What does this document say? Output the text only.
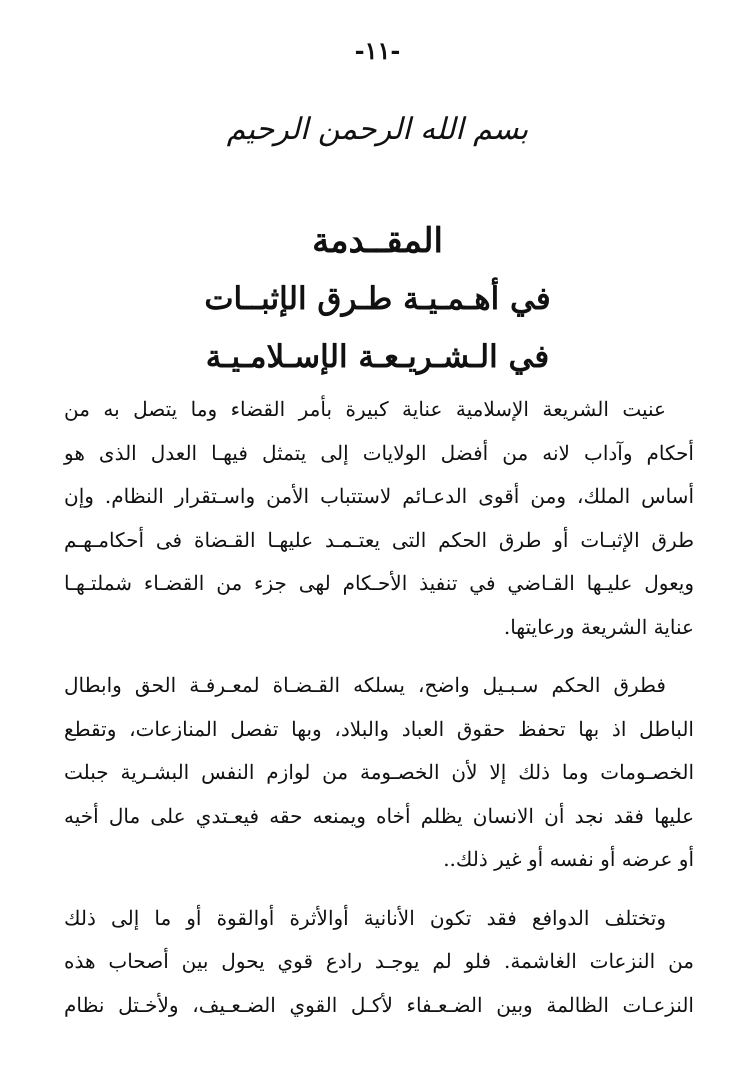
-١١-
بسم الله الرحمن الرحيم
المقــدمة
في أهـمـيـة طـرق الإثبــات
في الـشـريـعـة الإسـلامـيـة
عنيت الشريعة الإسلامية عناية كبيرة بأمر القضاء وما يتصل به من
أحكام وآداب لانه من أفضل الولايات إلى يتمثل فيهـا العدل الذى هو
أساس الملك، ومن أقوى الدعـائم لاستتباب الأمن واسـتقرار النظام. وإن
طرق الإثبـات أو طرق الحكم التى يعتـمـد عليهـا القـضاة فى أحكامـهـم
ويعول عليـها القـاضي في تنفيذ الأحـكام لهى جزء من القضـاء شملتـهـا
عناية الشريعة ورعايتها.
فطرق الحكم سـبـيل واضح، يسلكه القـضـاة لمعـرفـة الحق وابطال
الباطل اذ بها تحفظ حقوق العباد والبلاد، وبها تفصل المنازعات، وتقطع
الخصـومات وما ذلك إلا لأن الخصـومة من لوازم النفس البشـرية جبلت
عليها فقد نجد أن الانسان يظلم أخاه ويمنعه حقه فيعـتدي على مال أخيه
أو عرضه أو نفسه أو غير ذلك..
وتختلف الدوافع فقد تكون الأنانية أوالأثرة أوالقوة أو ما إلى ذلك
من النزعات الغاشمة. فلو لم يوجـد رادع قوي يحول بين أصحاب هذه
النزعـات الظالمة وبين الضـعـفاء لأكـل القوي الضـعـيف، ولأخـتل نظام
